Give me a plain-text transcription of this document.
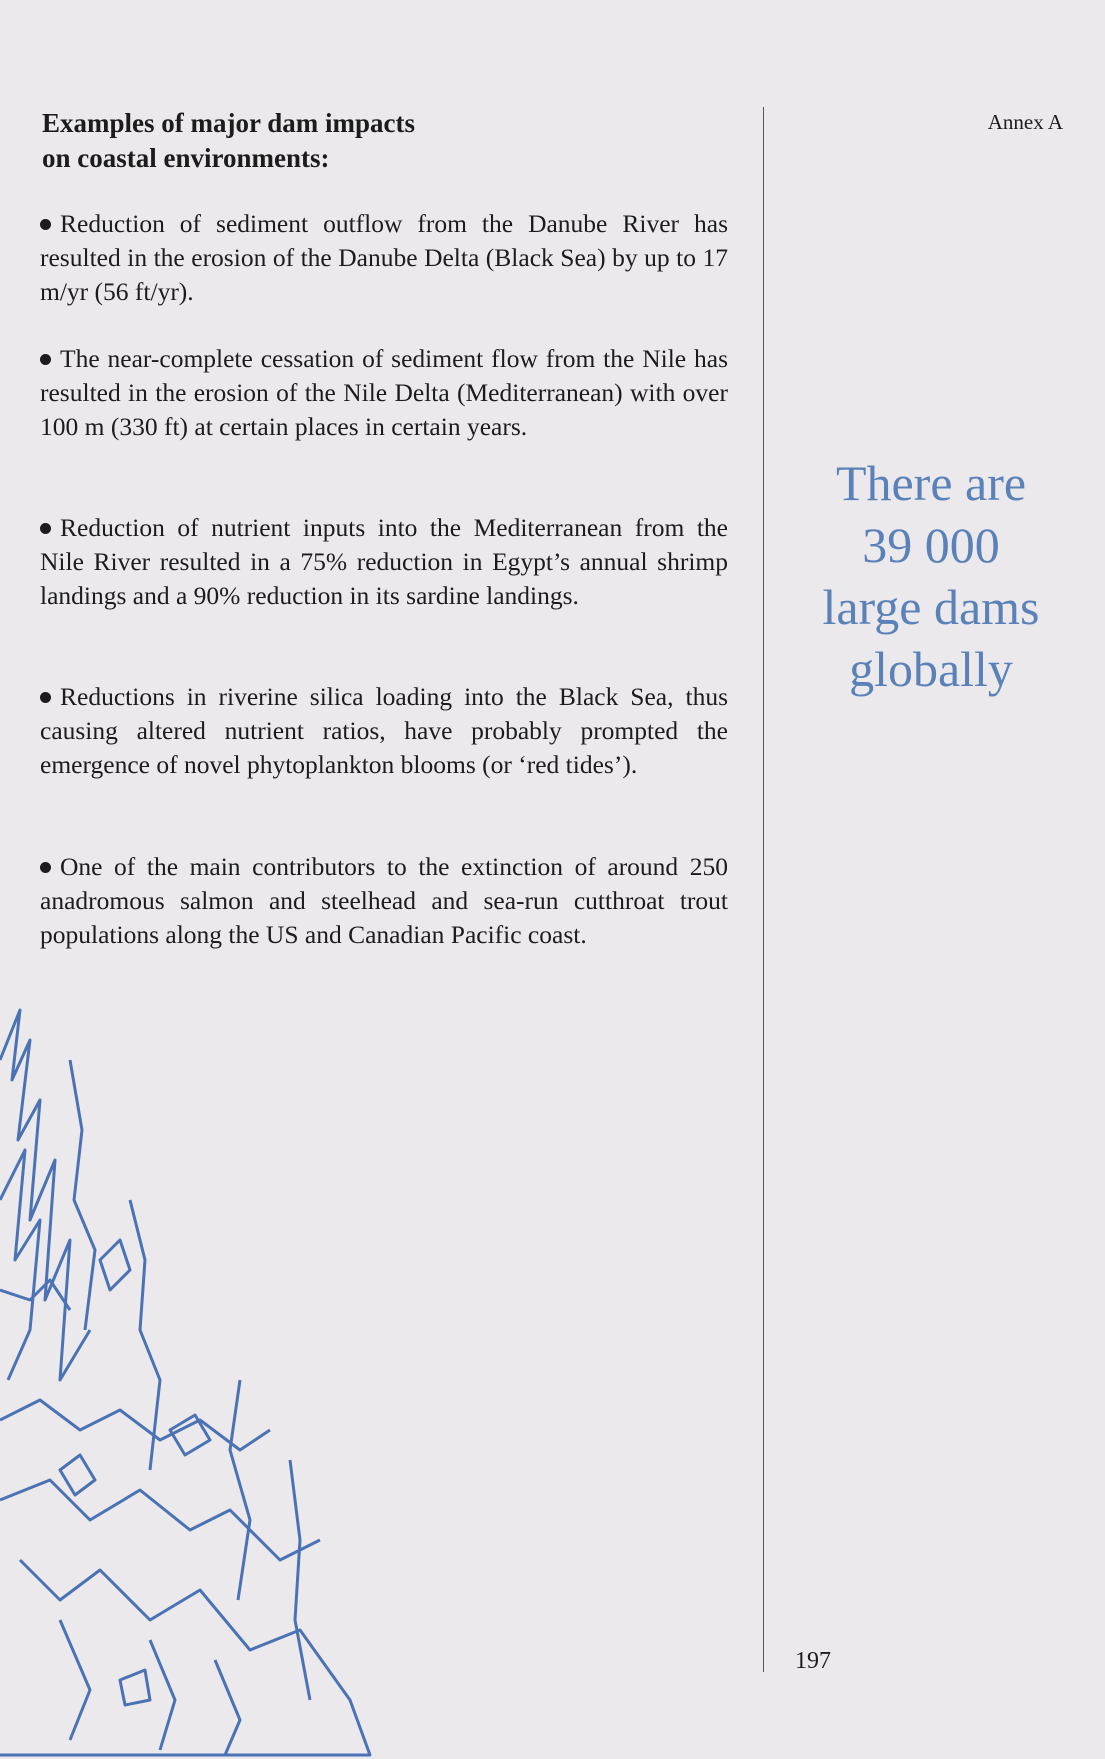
Examples of major dam impacts
on coastal environments:
Reduction of sediment outflow from the Danube River has resulted in the erosion of the Danube Delta (Black Sea) by up to 17 m/yr (56 ft/yr).
The near-complete cessation of sediment flow from the Nile has resulted in the erosion of the Nile Delta (Mediterranean) with over 100 m (330 ft) at certain places in certain years.
Reduction of nutrient inputs into the Mediterranean from the Nile River resulted in a 75% reduction in Egypt’s annual shrimp landings and a 90% reduction in its sardine landings.
Reductions in riverine silica loading into the Black Sea, thus causing altered nutrient ratios, have probably prompted the emergence of novel phytoplankton blooms (or ‘red tides’).
One of the main contributors to the extinction of around 250 anadromous salmon and steelhead and sea-run cutthroat trout populations along the US and Canadian Pacific coast.
Annex A
There are
39 000
large dams
globally
197
